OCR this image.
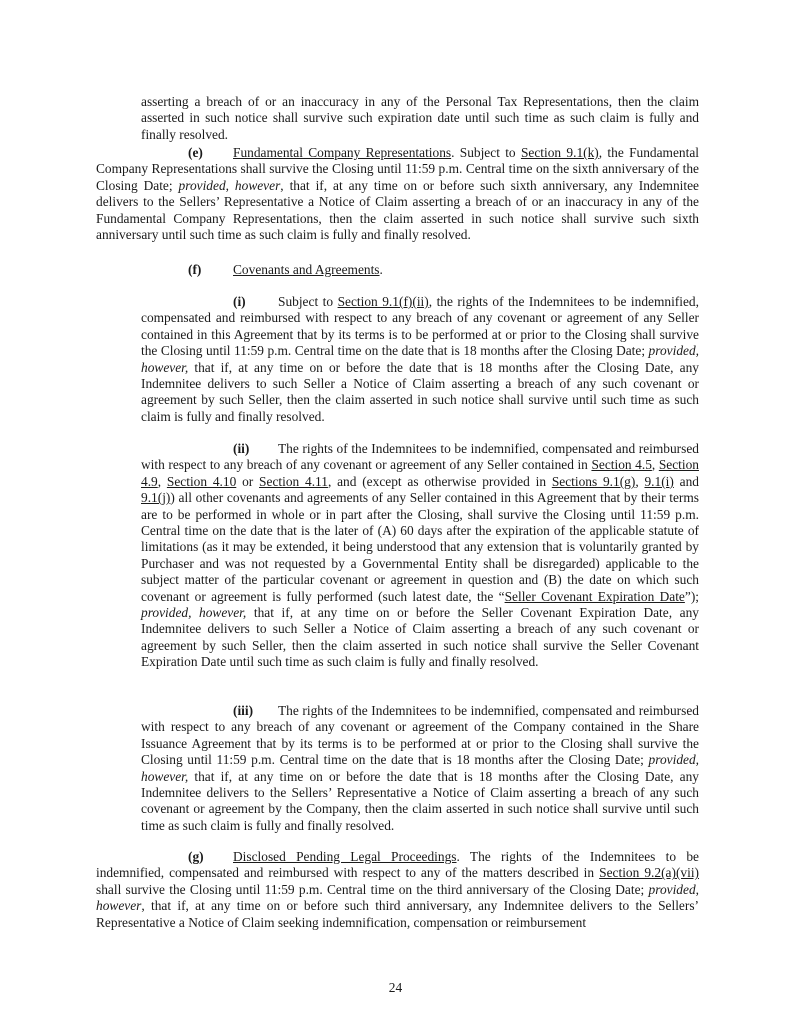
asserting a breach of or an inaccuracy in any of the Personal Tax Representations, then the claim asserted in such notice shall survive such expiration date until such time as such claim is fully and finally resolved.

(e) Fundamental Company Representations. Subject to Section 9.1(k), the Fundamental Company Representations shall survive the Closing until 11:59 p.m. Central time on the sixth anniversary of the Closing Date; provided, however, that if, at any time on or before such sixth anniversary, any Indemnitee delivers to the Sellers’ Representative a Notice of Claim asserting a breach of or an inaccuracy in any of the Fundamental Company Representations, then the claim asserted in such notice shall survive such sixth anniversary until such time as such claim is fully and finally resolved.

(f) Covenants and Agreements.

(i) Subject to Section 9.1(f)(ii), the rights of the Indemnitees to be indemnified, compensated and reimbursed with respect to any breach of any covenant or agreement of any Seller contained in this Agreement that by its terms is to be performed at or prior to the Closing shall survive the Closing until 11:59 p.m. Central time on the date that is 18 months after the Closing Date; provided, however, that if, at any time on or before the date that is 18 months after the Closing Date, any Indemnitee delivers to such Seller a Notice of Claim asserting a breach of any such covenant or agreement by such Seller, then the claim asserted in such notice shall survive until such time as such claim is fully and finally resolved.

(ii) The rights of the Indemnitees to be indemnified, compensated and reimbursed with respect to any breach of any covenant or agreement of any Seller contained in Section 4.5, Section 4.9, Section 4.10 or Section 4.11, and (except as otherwise provided in Sections 9.1(g), 9.1(i) and 9.1(j)) all other covenants and agreements of any Seller contained in this Agreement that by their terms are to be performed in whole or in part after the Closing, shall survive the Closing until 11:59 p.m. Central time on the date that is the later of (A) 60 days after the expiration of the applicable statute of limitations (as it may be extended, it being understood that any extension that is voluntarily granted by Purchaser and was not requested by a Governmental Entity shall be disregarded) applicable to the subject matter of the particular covenant or agreement in question and (B) the date on which such covenant or agreement is fully performed (such latest date, the “Seller Covenant Expiration Date”); provided, however, that if, at any time on or before the Seller Covenant Expiration Date, any Indemnitee delivers to such Seller a Notice of Claim asserting a breach of any such covenant or agreement by such Seller, then the claim asserted in such notice shall survive the Seller Covenant Expiration Date until such time as such claim is fully and finally resolved.

(iii) The rights of the Indemnitees to be indemnified, compensated and reimbursed with respect to any breach of any covenant or agreement of the Company contained in the Share Issuance Agreement that by its terms is to be performed at or prior to the Closing shall survive the Closing until 11:59 p.m. Central time on the date that is 18 months after the Closing Date; provided, however, that if, at any time on or before the date that is 18 months after the Closing Date, any Indemnitee delivers to the Sellers’ Representative a Notice of Claim asserting a breach of any such covenant or agreement by the Company, then the claim asserted in such notice shall survive until such time as such claim is fully and finally resolved.

(g) Disclosed Pending Legal Proceedings. The rights of the Indemnitees to be indemnified, compensated and reimbursed with respect to any of the matters described in Section 9.2(a)(vii) shall survive the Closing until 11:59 p.m. Central time on the third anniversary of the Closing Date; provided, however, that if, at any time on or before such third anniversary, any Indemnitee delivers to the Sellers’ Representative a Notice of Claim seeking indemnification, compensation or reimbursement

24
